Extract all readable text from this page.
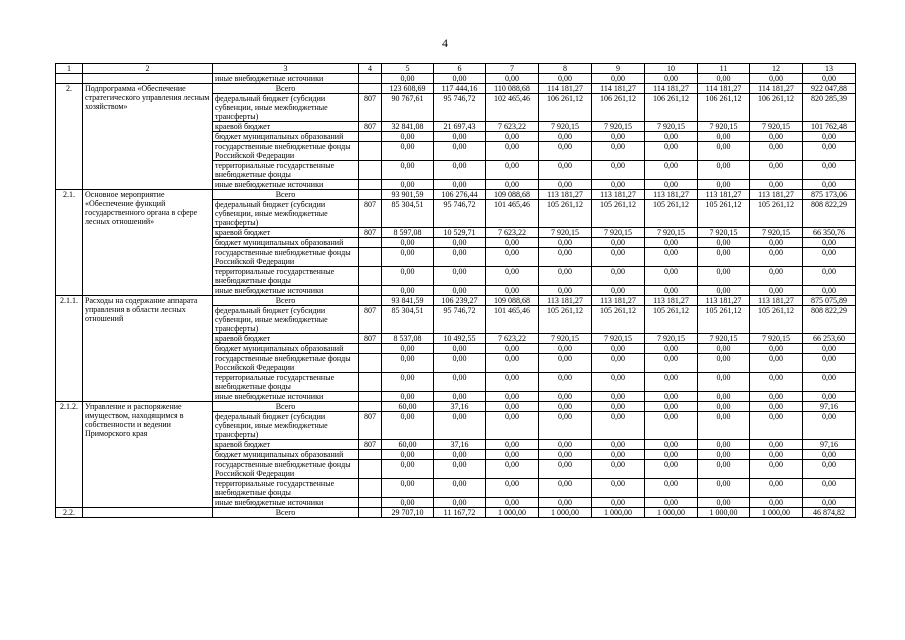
4
1	2	3	4	5	6	7	8	9	10	11	12	13
		иные внебюджетные источники		0,00	0,00	0,00	0,00	0,00	0,00	0,00	0,00	0,00
2.	Подпрограмма «Обеспечение стратегического управления лесным хозяйством»	Всего		123 608,69	117 444,16	110 088,68	114 181,27	114 181,27	114 181,27	114 181,27	114 181,27	922 047,88
		федеральный бюджет (субсидии субвенции, иные межбюджетные трансферты)	807	90 767,61	95 746,72	102 465,46	106 261,12	106 261,12	106 261,12	106 261,12	106 261,12	820 285,39
		краевой бюджет	807	32 841,08	21 697,43	7 623,22	7 920,15	7 920,15	7 920,15	7 920,15	7 920,15	101 762,48
		бюджет муниципальных образований		0,00	0,00	0,00	0,00	0,00	0,00	0,00	0,00	0,00
		государственные внебюджетные фонды Российской Федерации		0,00	0,00	0,00	0,00	0,00	0,00	0,00	0,00	0,00
		территориальные государственные внебюджетные фонды		0,00	0,00	0,00	0,00	0,00	0,00	0,00	0,00	0,00
		иные внебюджетные источники		0,00	0,00	0,00	0,00	0,00	0,00	0,00	0,00	0,00
2.1.	Основное мероприятие «Обеспечение функций государственного органа в сфере лесных отношений»	Всего		93 901,59	106 276,44	109 088,68	113 181,27	113 181,27	113 181,27	113 181,27	113 181,27	875 173,06
		федеральный бюджет (субсидии субвенции, иные межбюджетные трансферты)	807	85 304,51	95 746,72	101 465,46	105 261,12	105 261,12	105 261,12	105 261,12	105 261,12	808 822,29
		краевой бюджет	807	8 597,08	10 529,71	7 623,22	7 920,15	7 920,15	7 920,15	7 920,15	7 920,15	66 350,76
		бюджет муниципальных образований		0,00	0,00	0,00	0,00	0,00	0,00	0,00	0,00	0,00
		государственные внебюджетные фонды Российской Федерации		0,00	0,00	0,00	0,00	0,00	0,00	0,00	0,00	0,00
		территориальные государственные внебюджетные фонды		0,00	0,00	0,00	0,00	0,00	0,00	0,00	0,00	0,00
		иные внебюджетные источники		0,00	0,00	0,00	0,00	0,00	0,00	0,00	0,00	0,00
2.1.1.	Расходы на содержание аппарата управления в области лесных отношений	Всего		93 841,59	106 239,27	109 088,68	113 181,27	113 181,27	113 181,27	113 181,27	113 181,27	875 075,89
		федеральный бюджет (субсидии субвенции, иные межбюджетные трансферты)	807	85 304,51	95 746,72	101 465,46	105 261,12	105 261,12	105 261,12	105 261,12	105 261,12	808 822,29
		краевой бюджет	807	8 537,08	10 492,55	7 623,22	7 920,15	7 920,15	7 920,15	7 920,15	7 920,15	66 253,60
		бюджет муниципальных образований		0,00	0,00	0,00	0,00	0,00	0,00	0,00	0,00	0,00
		государственные внебюджетные фонды Российской Федерации		0,00	0,00	0,00	0,00	0,00	0,00	0,00	0,00	0,00
		территориальные государственные внебюджетные фонды		0,00	0,00	0,00	0,00	0,00	0,00	0,00	0,00	0,00
		иные внебюджетные источники		0,00	0,00	0,00	0,00	0,00	0,00	0,00	0,00	0,00
2.1.2.	Управление и распоряжение имуществом, находящимся в собственности и ведении Приморского края	Всего		60,00	37,16	0,00	0,00	0,00	0,00	0,00	0,00	97,16
		федеральный бюджет (субсидии субвенции, иные межбюджетные трансферты)	807	0,00	0,00	0,00	0,00	0,00	0,00	0,00	0,00	0,00
		краевой бюджет	807	60,00	37,16	0,00	0,00	0,00	0,00	0,00	0,00	97,16
		бюджет муниципальных образований		0,00	0,00	0,00	0,00	0,00	0,00	0,00	0,00	0,00
		государственные внебюджетные фонды Российской Федерации		0,00	0,00	0,00	0,00	0,00	0,00	0,00	0,00	0,00
		территориальные государственные внебюджетные фонды		0,00	0,00	0,00	0,00	0,00	0,00	0,00	0,00	0,00
		иные внебюджетные источники		0,00	0,00	0,00	0,00	0,00	0,00	0,00	0,00	0,00
2.2.		Всего		29 707,10	11 167,72	1 000,00	1 000,00	1 000,00	1 000,00	1 000,00	1 000,00	46 874,82
